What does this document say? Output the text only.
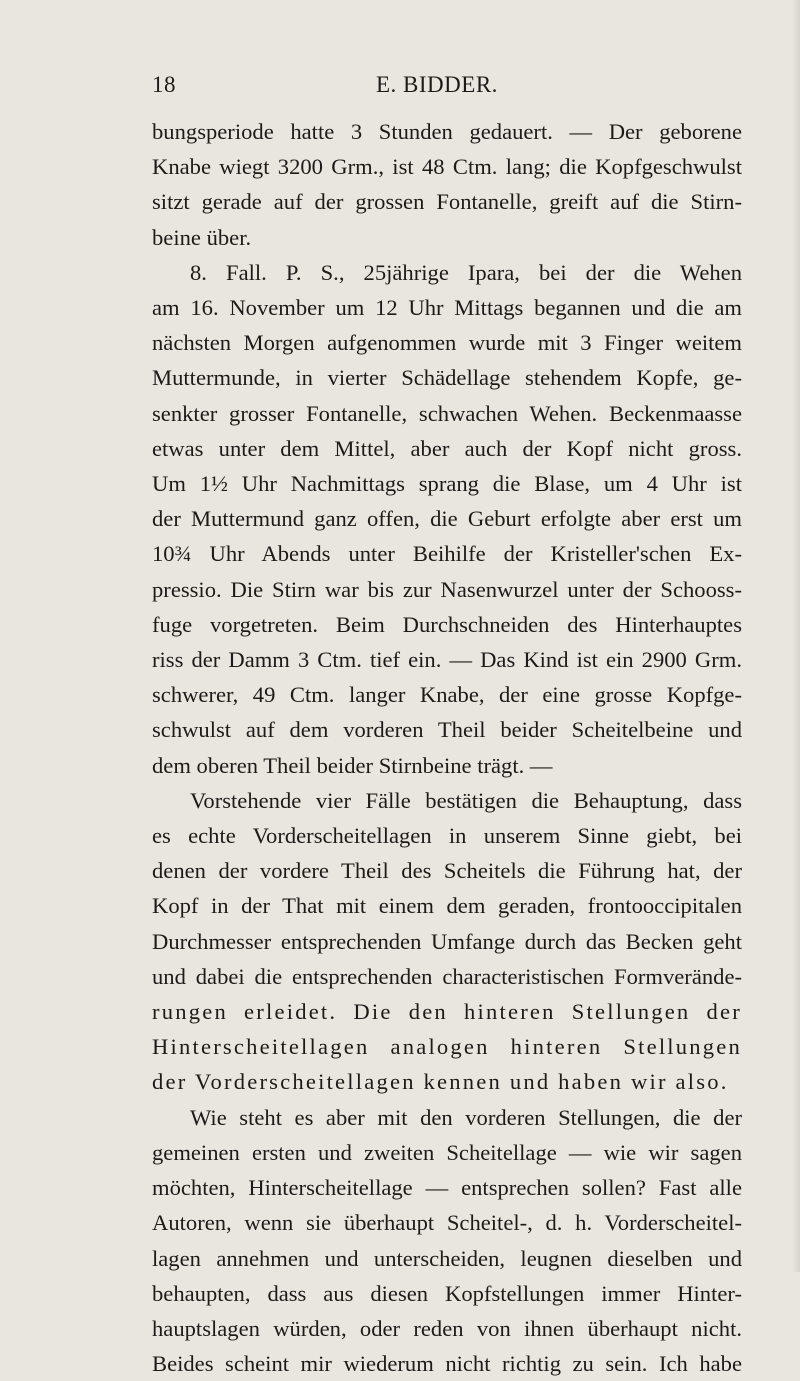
18	E. BIDDER.
bungsperiode hatte 3 Stunden gedauert. — Der geborene
Knabe wiegt 3200 Grm., ist 48 Ctm. lang; die Kopfgeschwulst
sitzt gerade auf der grossen Fontanelle, greift auf die Stirn-
beine über.
8. Fall. P. S., 25jährige Ipara, bei der die Wehen
am 16. November um 12 Uhr Mittags begannen und die am
nächsten Morgen aufgenommen wurde mit 3 Finger weitem
Muttermunde, in vierter Schädellage stehendem Kopfe, ge-
senkter grosser Fontanelle, schwachen Wehen. Beckenmaasse
etwas unter dem Mittel, aber auch der Kopf nicht gross.
Um 1½ Uhr Nachmittags sprang die Blase, um 4 Uhr ist
der Muttermund ganz offen, die Geburt erfolgte aber erst um
10¾ Uhr Abends unter Beihilfe der Kristeller'schen Ex-
pressio. Die Stirn war bis zur Nasenwurzel unter der Schooss-
fuge vorgetreten. Beim Durchschneiden des Hinterhauptes
riss der Damm 3 Ctm. tief ein. — Das Kind ist ein 2900 Grm.
schwerer, 49 Ctm. langer Knabe, der eine grosse Kopfge-
schwulst auf dem vorderen Theil beider Scheitelbeine und
dem oberen Theil beider Stirnbeine trägt. —
Vorstehende vier Fälle bestätigen die Behauptung, dass
es echte Vorderscheitellagen in unserem Sinne giebt, bei
denen der vordere Theil des Scheitels die Führung hat, der
Kopf in der That mit einem dem geraden, frontooccipitalen
Durchmesser entsprechenden Umfange durch das Becken geht
und dabei die entsprechenden characteristischen Formverände-
rungen erleidet. Die den hinteren Stellungen der
Hinterscheitellagen analogen hinteren Stellungen
der Vorderscheitellagen kennen und haben wir also.
Wie steht es aber mit den vorderen Stellungen, die der
gemeinen ersten und zweiten Scheitellage — wie wir sagen
möchten, Hinterscheitellage — entsprechen sollen? Fast alle
Autoren, wenn sie überhaupt Scheitel-, d. h. Vorderscheitel-
lagen annehmen und unterscheiden, leugnen dieselben und
behaupten, dass aus diesen Kopfstellungen immer Hinter-
hauptslagen würden, oder reden von ihnen überhaupt nicht.
Beides scheint mir wiederum nicht richtig zu sein. Ich habe
